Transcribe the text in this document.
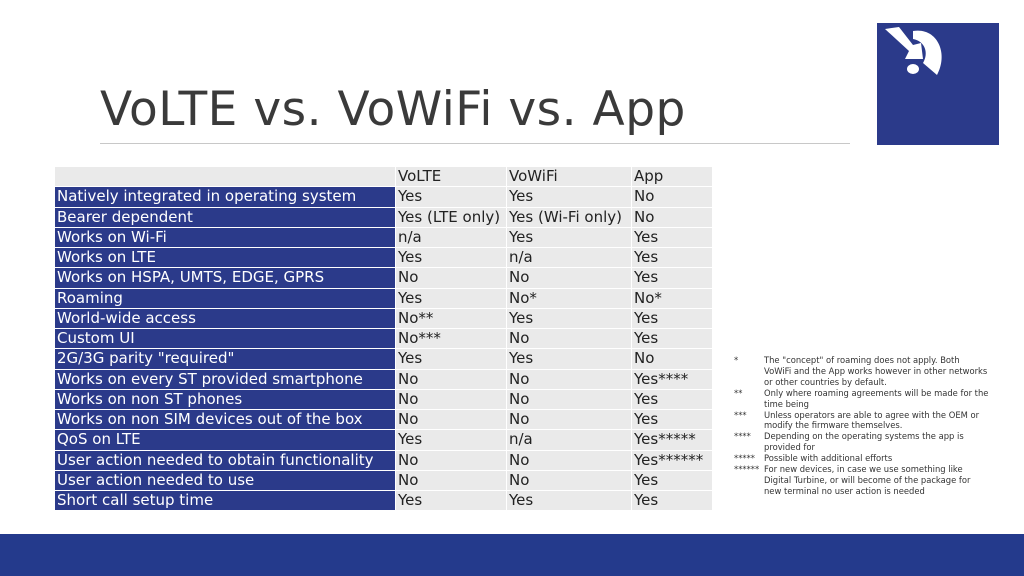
VoLTE vs. VoWiFi vs. App
	VoLTE	VoWiFi	App
Natively integrated in operating system	Yes	Yes	No
Bearer dependent	Yes (LTE only)	Yes (Wi-Fi only)	No
Works on Wi-Fi	n/a	Yes	Yes
Works on LTE	Yes	n/a	Yes
Works on HSPA, UMTS, EDGE, GPRS	No	No	Yes
Roaming	Yes	No*	No*
World-wide access	No**	Yes	Yes
Custom UI	No***	No	Yes
2G/3G parity "required"	Yes	Yes	No
Works on every ST provided smartphone	No	No	Yes****
Works on non ST phones	No	No	Yes
Works on non SIM devices out of the box	No	No	Yes
QoS on LTE	Yes	n/a	Yes*****
User action needed to obtain functionality	No	No	Yes******
User action needed to use	No	No	Yes
Short call setup time	Yes	Yes	Yes
*	The "concept" of roaming does not apply. Both VoWiFi and the App works however in other networks or other countries by default.
**	Only where roaming agreements will be made for the time being
***	Unless operators are able to agree with the OEM or modify the firmware themselves.
****	Depending on the operating systems the app is provided for
*****	Possible with additional efforts
****** For new devices, in case we use something like Digital Turbine, or will become of the package for new terminal no user action is needed
